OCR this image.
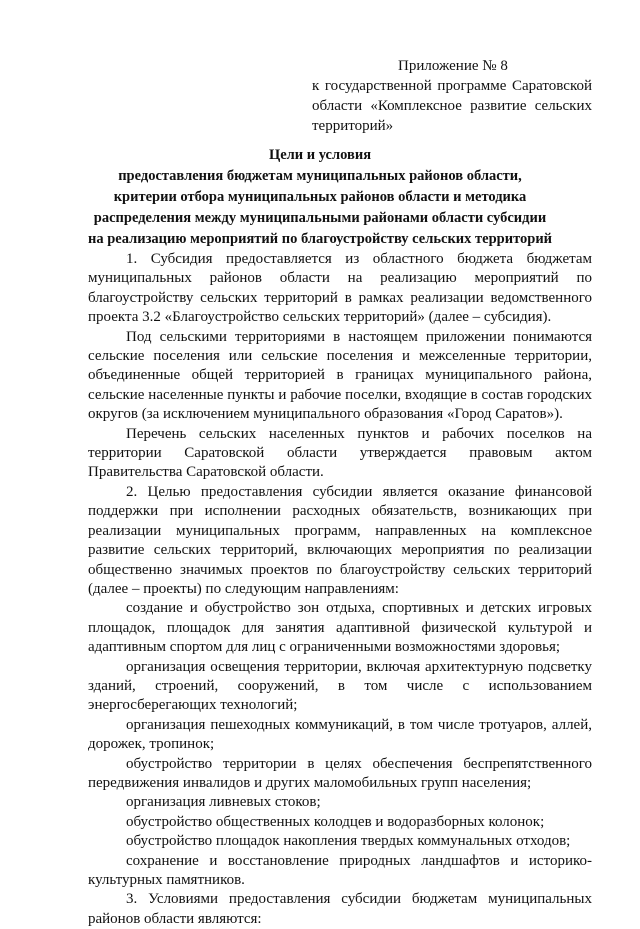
Приложение № 8
к государственной программе Саратовской области «Комплексное развитие сельских территорий»

Цели и условия

предоставления бюджетам муниципальных районов области, критерии отбора муниципальных районов области и методика распределения между муниципальными районами области субсидии на реализацию мероприятий по благоустройству сельских территорий

1. Субсидия предоставляется из областного бюджета бюджетам муниципальных районов области на реализацию мероприятий по благоустройству сельских территорий в рамках реализации ведомственного проекта 3.2 «Благоустройство сельских территорий» (далее – субсидия).

Под сельскими территориями в настоящем приложении понимаются сельские поселения или сельские поселения и межселенные территории, объединенные общей территорией в границах муниципального района, сельские населенные пункты и рабочие поселки, входящие в состав городских округов (за исключением муниципального образования «Город Саратов»).

Перечень сельских населенных пунктов и рабочих поселков на территории Саратовской области утверждается правовым актом Правительства Саратовской области.

2. Целью предоставления субсидии является оказание финансовой поддержки при исполнении расходных обязательств, возникающих при реализации муниципальных программ, направленных на комплексное развитие сельских территорий, включающих мероприятия по реализации общественно значимых проектов по благоустройству сельских территорий (далее – проекты) по следующим направлениям:

создание и обустройство зон отдыха, спортивных и детских игровых площадок, площадок для занятия адаптивной физической культурой и адаптивным спортом для лиц с ограниченными возможностями здоровья;

организация освещения территории, включая архитектурную подсветку зданий, строений, сооружений, в том числе с использованием энергосберегающих технологий;

организация пешеходных коммуникаций, в том числе тротуаров, аллей, дорожек, тропинок;

обустройство территории в целях обеспечения беспрепятственного передвижения инвалидов и других маломобильных групп населения;

организация ливневых стоков;

обустройство общественных колодцев и водоразборных колонок;

обустройство площадок накопления твердых коммунальных отходов;

сохранение и восстановление природных ландшафтов и историко-культурных памятников.

3. Условиями предоставления субсидии бюджетам муниципальных районов области являются:
